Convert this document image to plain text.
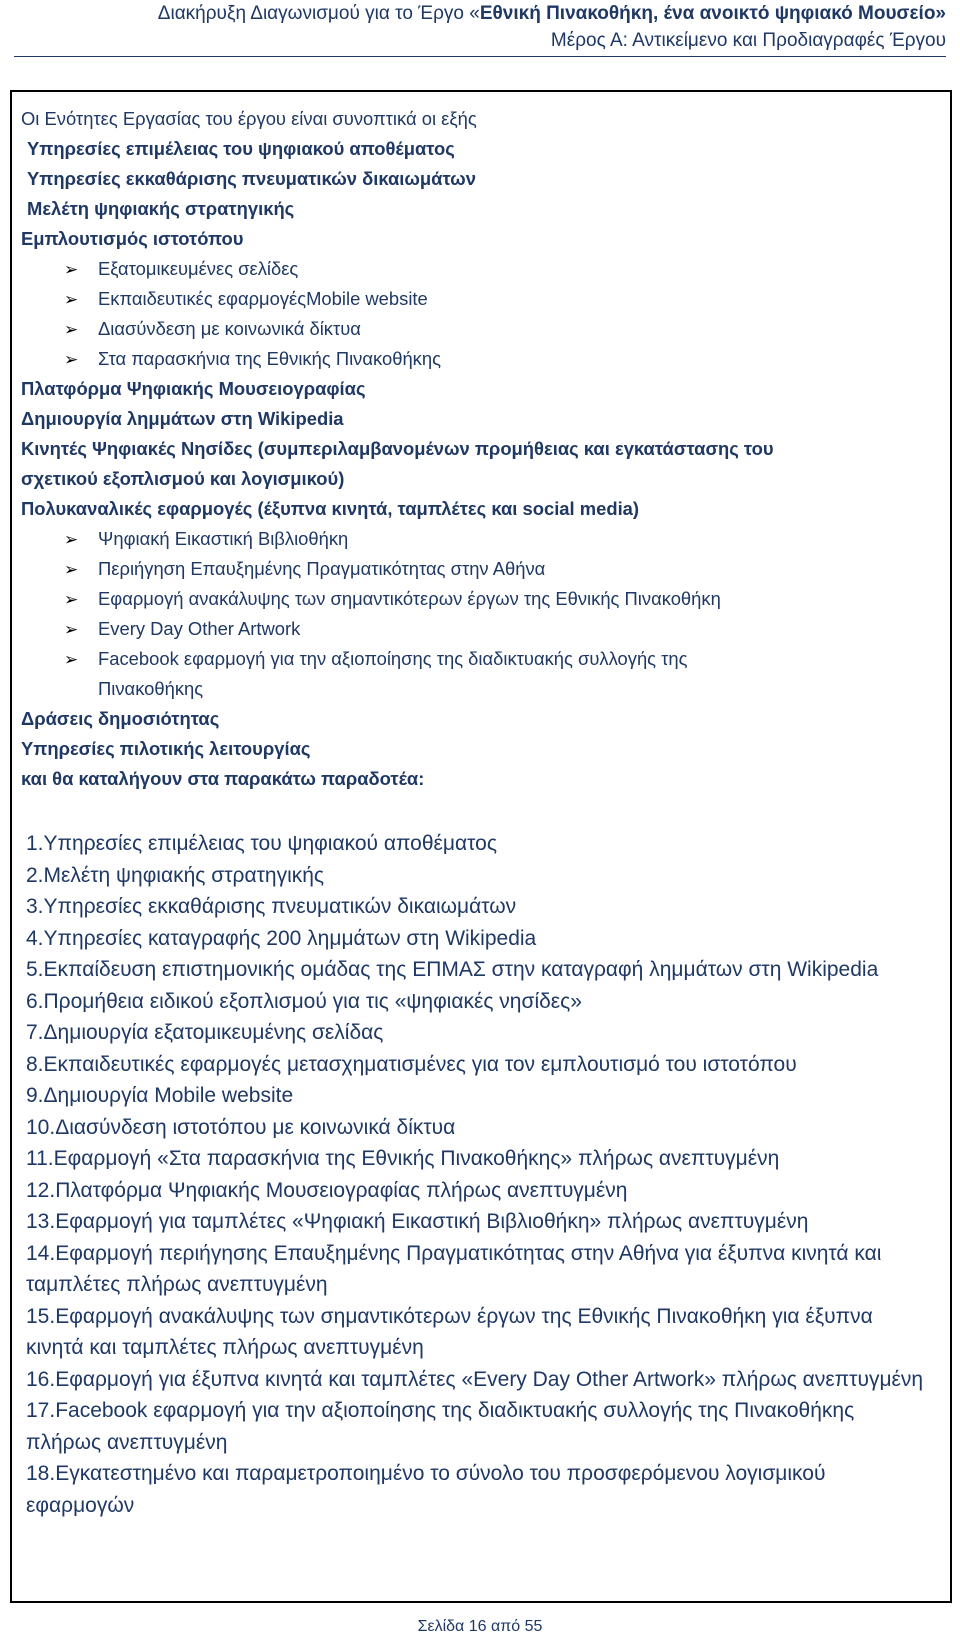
Διακήρυξη Διαγωνισμού για το Έργο «Εθνική Πινακοθήκη, ένα ανοικτό ψηφιακό Μουσείο»
Μέρος Α: Αντικείμενο και Προδιαγραφές Έργου
Οι Ενότητες Εργασίας του έργου είναι συνοπτικά οι εξής
Υπηρεσίες επιμέλειας του ψηφιακού αποθέματος
Υπηρεσίες εκκαθάρισης πνευματικών δικαιωμάτων
Μελέτη ψηφιακής στρατηγικής
Εμπλουτισμός ιστοτόπου
➢ Εξατομικευμένες σελίδες
➢ Εκπαιδευτικές εφαρμογέςMobile website
➢ Διασύνδεση με κοινωνικά δίκτυα
➢ Στα παρασκήνια της Εθνικής Πινακοθήκης
Πλατφόρμα Ψηφιακής Μουσειογραφίας
Δημιουργία λημμάτων στη Wikipedia
Κινητές Ψηφιακές Νησίδες (συμπεριλαμβανομένων προμήθειας και εγκατάστασης του
σχετικού εξοπλισμού και λογισμικού)
Πολυκαναλικές εφαρμογές (έξυπνα κινητά, ταμπλέτες και social media)
➢ Ψηφιακή Εικαστική Βιβλιοθήκη
➢ Περιήγηση Επαυξημένης Πραγματικότητας στην Αθήνα
➢ Εφαρμογή ανακάλυψης των σημαντικότερων έργων της Εθνικής Πινακοθήκη
➢ Every Day Other Artwork
➢ Facebook εφαρμογή για την αξιοποίησης της διαδικτυακής συλλογής της
Πινακοθήκης
Δράσεις δημοσιότητας
Υπηρεσίες πιλοτικής λειτουργίας
και θα καταλήγουν στα παρακάτω παραδοτέα:
1.Υπηρεσίες επιμέλειας του ψηφιακού αποθέματος
2.Μελέτη ψηφιακής στρατηγικής
3.Υπηρεσίες εκκαθάρισης πνευματικών δικαιωμάτων
4.Υπηρεσίες καταγραφής 200 λημμάτων στη Wikipedia
5.Εκπαίδευση επιστημονικής ομάδας της ΕΠΜΑΣ στην καταγραφή λημμάτων στη Wikipedia
6.Προμήθεια ειδικού εξοπλισμού για τις «ψηφιακές νησίδες»
7.Δημιουργία εξατομικευμένης σελίδας
8.Εκπαιδευτικές εφαρμογές μετασχηματισμένες για τον εμπλουτισμό του ιστοτόπου
9.Δημιουργία Mobile website
10.Διασύνδεση ιστοτόπου με κοινωνικά δίκτυα
11.Εφαρμογή «Στα παρασκήνια της Εθνικής Πινακοθήκης» πλήρως ανεπτυγμένη
12.Πλατφόρμα Ψηφιακής Μουσειογραφίας πλήρως ανεπτυγμένη
13.Εφαρμογή για ταμπλέτες «Ψηφιακή Εικαστική Βιβλιοθήκη» πλήρως ανεπτυγμένη
14.Εφαρμογή περιήγησης Επαυξημένης Πραγματικότητας στην Αθήνα για έξυπνα κινητά και ταμπλέτες πλήρως ανεπτυγμένη
15.Εφαρμογή ανακάλυψης των σημαντικότερων έργων της Εθνικής Πινακοθήκη για έξυπνα κινητά και ταμπλέτες πλήρως ανεπτυγμένη
16.Εφαρμογή για έξυπνα κινητά και ταμπλέτες «Every Day Other Artwork» πλήρως ανεπτυγμένη
17.Facebook εφαρμογή για την αξιοποίησης της διαδικτυακής συλλογής της Πινακοθήκης πλήρως ανεπτυγμένη
18.Εγκατεστημένο και παραμετροποιημένο το σύνολο του προσφερόμενου λογισμικού εφαρμογών
Σελίδα 16 από 55
